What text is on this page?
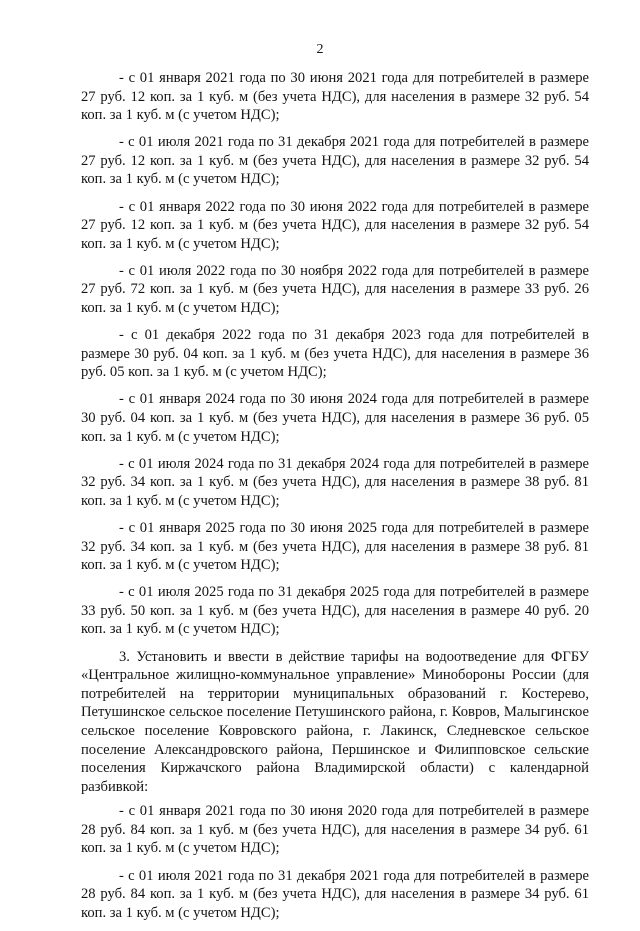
2

- с 01 января 2021 года по 30 июня 2021 года для потребителей в размере 27 руб. 12 коп. за 1 куб. м (без учета НДС), для населения в размере 32 руб. 54 коп. за 1 куб. м (с учетом НДС);

- с 01 июля 2021 года по 31 декабря 2021 года для потребителей в размере 27 руб. 12 коп. за 1 куб. м (без учета НДС), для населения в размере 32 руб. 54 коп. за 1 куб. м (с учетом НДС);

- с 01 января 2022 года по 30 июня 2022 года для потребителей в размере 27 руб. 12 коп. за 1 куб. м (без учета НДС), для населения в размере 32 руб. 54 коп. за 1 куб. м (с учетом НДС);

- с 01 июля 2022 года по 30 ноября 2022 года для потребителей в размере 27 руб. 72 коп. за 1 куб. м (без учета НДС), для населения в размере 33 руб. 26 коп. за 1 куб. м (с учетом НДС);

- с 01 декабря 2022 года по 31 декабря 2023 года для потребителей в размере 30 руб. 04 коп. за 1 куб. м (без учета НДС), для населения в размере 36 руб. 05 коп. за 1 куб. м (с учетом НДС);

- с 01 января 2024 года по 30 июня 2024 года для потребителей в размере 30 руб. 04 коп. за 1 куб. м (без учета НДС), для населения в размере 36 руб. 05 коп. за 1 куб. м (с учетом НДС);

- с 01 июля 2024 года по 31 декабря 2024 года для потребителей в размере 32 руб. 34 коп. за 1 куб. м (без учета НДС), для населения в размере 38 руб. 81 коп. за 1 куб. м (с учетом НДС);

- с 01 января 2025 года по 30 июня 2025 года для потребителей в размере 32 руб. 34 коп. за 1 куб. м (без учета НДС), для населения в размере 38 руб. 81 коп. за 1 куб. м (с учетом НДС);

- с 01 июля 2025 года по 31 декабря 2025 года для потребителей в размере 33 руб. 50 коп. за 1 куб. м (без учета НДС), для населения в размере 40 руб. 20 коп. за 1 куб. м (с учетом НДС);

3. Установить и ввести в действие тарифы на водоотведение для ФГБУ «Центральное жилищно-коммунальное управление» Минобороны России (для потребителей на территории муниципальных образований г. Костерево, Петушинское сельское поселение Петушинского района, г. Ковров, Малыгинское сельское поселение Ковровского района, г. Лакинск, Следневское сельское поселение Александровского района, Першинское и Филипповское сельские поселения Киржачского района Владимирской области) с календарной разбивкой:

- с 01 января 2021 года по 30 июня 2020 года для потребителей в размере 28 руб. 84 коп. за 1 куб. м (без учета НДС), для населения в размере 34 руб. 61 коп. за 1 куб. м (с учетом НДС);

- с 01 июля 2021 года по 31 декабря 2021 года для потребителей в размере 28 руб. 84 коп. за 1 куб. м (без учета НДС), для населения в размере 34 руб. 61 коп. за 1 куб. м (с учетом НДС);
